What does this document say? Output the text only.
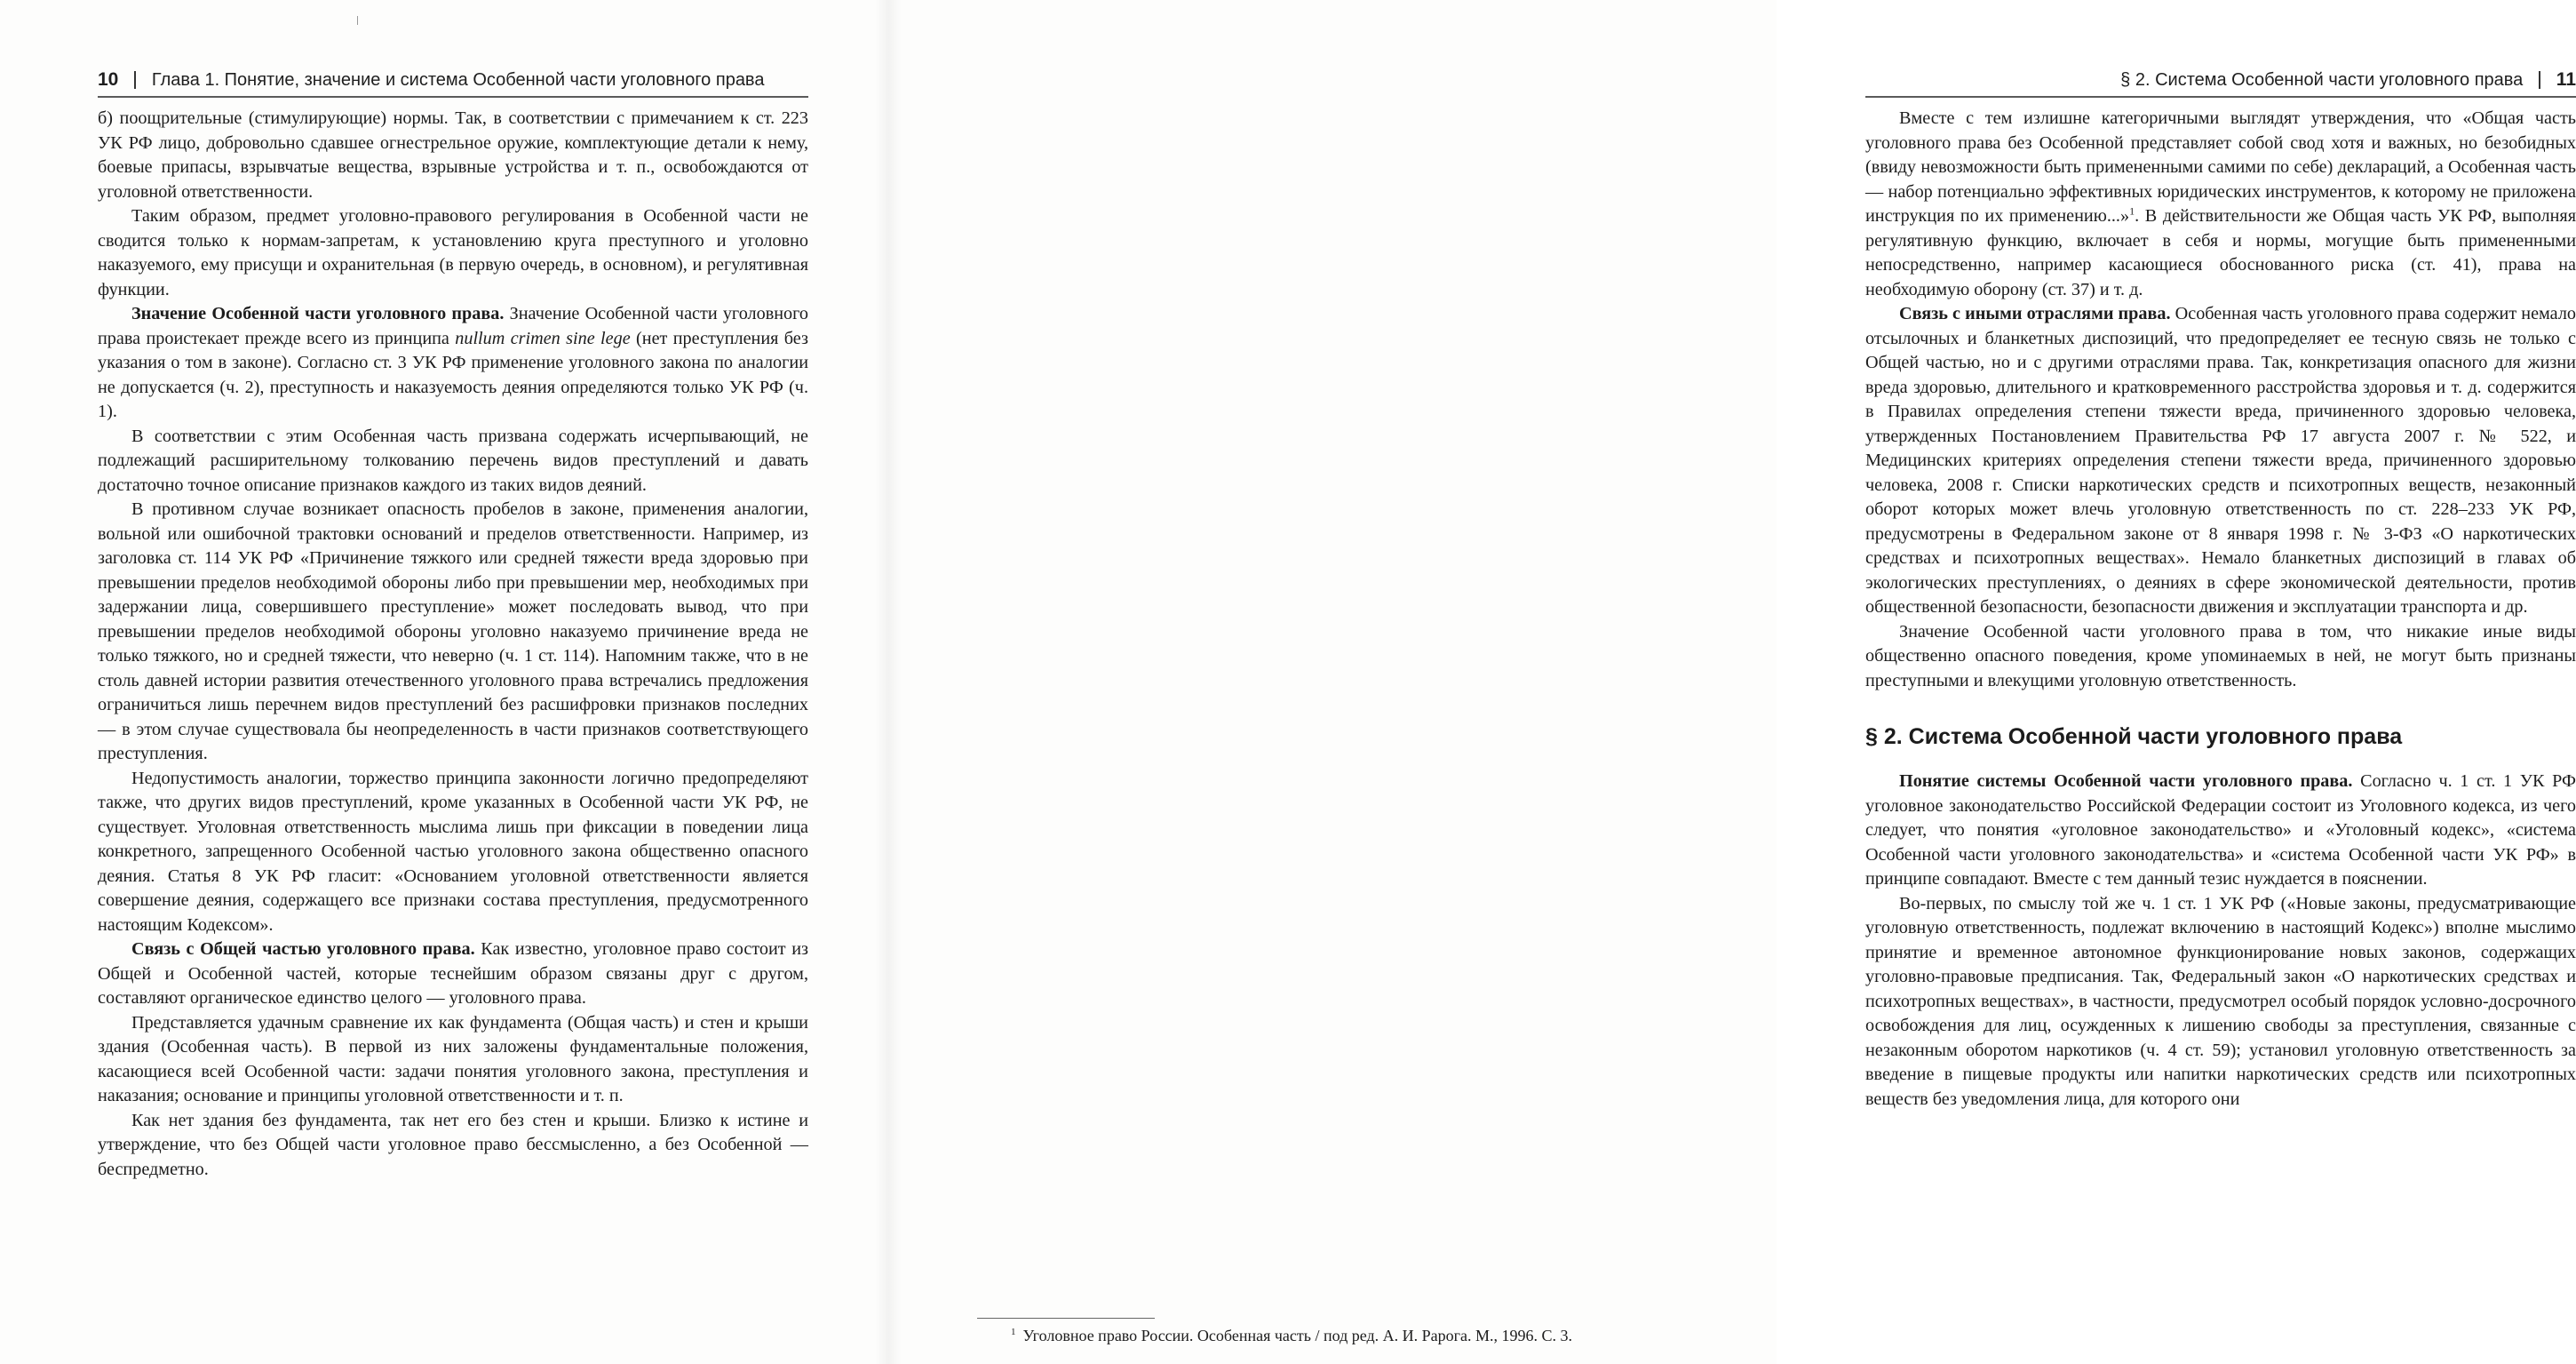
10 Глава 1. Понятие, значение и система Особенной части уголовного права

б) поощрительные (стимулирующие) нормы. Так, в соответствии с примечанием к ст. 223 УК РФ лицо, добровольно сдавшее огнестрельное оружие, комплектующие детали к нему, боевые припасы, взрывчатые вещества, взрывные устройства и т. п., освобождаются от уголовной ответственности.

Таким образом, предмет уголовно-правового регулирования в Особенной части не сводится только к нормам-запретам, к установлению круга преступного и уголовно наказуемого, ему присущи и охранительная (в первую очередь, в основном), и регулятивная функции.

Значение Особенной части уголовного права. Значение Особенной части уголовного права проистекает прежде всего из принципа nullum crimen sine lege (нет преступления без указания о том в законе). Согласно ст. 3 УК РФ применение уголовного закона по аналогии не допускается (ч. 2), преступность и наказуемость деяния определяются только УК РФ (ч. 1).

В соответствии с этим Особенная часть призвана содержать исчерпывающий, не подлежащий расширительному толкованию перечень видов преступлений и давать достаточно точное описание признаков каждого из таких видов деяний.

В противном случае возникает опасность пробелов в законе, применения аналогии, вольной или ошибочной трактовки оснований и пределов ответственности. Например, из заголовка ст. 114 УК РФ «Причинение тяжкого или средней тяжести вреда здоровью при превышении пределов необходимой обороны либо при превышении мер, необходимых при задержании лица, совершившего преступление» может последовать вывод, что при превышении пределов необходимой обороны уголовно наказуемо причинение вреда не только тяжкого, но и средней тяжести, что неверно (ч. 1 ст. 114). Напомним также, что в не столь давней истории развития отечественного уголовного права встречались предложения ограничиться лишь перечнем видов преступлений без расшифровки признаков последних — в этом случае существовала бы неопределенность в части признаков соответствующего преступления.

Недопустимость аналогии, торжество принципа законности логично предопределяют также, что других видов преступлений, кроме указанных в Особенной части УК РФ, не существует. Уголовная ответственность мыслима лишь при фиксации в поведении лица конкретного, запрещенного Особенной частью уголовного закона общественно опасного деяния. Статья 8 УК РФ гласит: «Основанием уголовной ответственности является совершение деяния, содержащего все признаки состава преступления, предусмотренного настоящим Кодексом».

Связь с Общей частью уголовного права. Как известно, уголовное право состоит из Общей и Особенной частей, которые теснейшим образом связаны друг с другом, составляют органическое единство целого — уголовного права.

Представляется удачным сравнение их как фундамента (Общая часть) и стен и крыши здания (Особенная часть). В первой из них заложены фундаментальные положения, касающиеся всей Особенной части: задачи понятия уголовного закона, преступления и наказания; основание и принципы уголовной ответственности и т. п.

Как нет здания без фундамента, так нет его без стен и крыши. Близко к истине и утверждение, что без Общей части уголовное право бессмысленно, а без Особенной — беспредметно.

§ 2. Система Особенной части уголовного права 11

Вместе с тем излишне категоричными выглядят утверждения, что «Общая часть уголовного права без Особенной представляет собой свод хотя и важных, но безобидных (ввиду невозможности быть примененными самими по себе) деклараций, а Особенная часть — набор потенциально эффективных юридических инструментов, к которому не приложена инструкция по их применению...»$^1$. В действительности же Общая часть УК РФ, выполняя регулятивную функцию, включает в себя и нормы, могущие быть примененными непосредственно, например касающиеся обоснованного риска (ст. 41), права на необходимую оборону (ст. 37) и т. д.

Связь с иными отраслями права. Особенная часть уголовного права содержит немало отсылочных и бланкетных диспозиций, что предопределяет ее тесную связь не только с Общей частью, но и с другими отраслями права. Так, конкретизация опасного для жизни вреда здоровью, длительного и кратковременного расстройства здоровья и т. д. содержится в Правилах определения степени тяжести вреда, причиненного здоровью человека, утвержденных Постановлением Правительства РФ 17 августа 2007 г. № 522, и Медицинских критериях определения степени тяжести вреда, причиненного здоровью человека, 2008 г. Списки наркотических средств и психотропных веществ, незаконный оборот которых может влечь уголовную ответственность по ст. 228–233 УК РФ, предусмотрены в Федеральном законе от 8 января 1998 г. № 3-ФЗ «О наркотических средствах и психотропных веществах». Немало бланкетных диспозиций в главах об экологических преступлениях, о деяниях в сфере экономической деятельности, против общественной безопасности, безопасности движения и эксплуатации транспорта и др.

Значение Особенной части уголовного права в том, что никакие иные виды общественно опасного поведения, кроме упоминаемых в ней, не могут быть признаны преступными и влекущими уголовную ответственность.

§ 2. Система Особенной части уголовного права

Понятие системы Особенной части уголовного права. Согласно ч. 1 ст. 1 УК РФ уголовное законодательство Российской Федерации состоит из Уголовного кодекса, из чего следует, что понятия «уголовное законодательство» и «Уголовный кодекс», «система Особенной части уголовного законодательства» и «система Особенной части УК РФ» в принципе совпадают. Вместе с тем данный тезис нуждается в пояснении.

Во-первых, по смыслу той же ч. 1 ст. 1 УК РФ («Новые законы, предусматривающие уголовную ответственность, подлежат включению в настоящий Кодекс») вполне мыслимо принятие и временное автономное функционирование новых законов, содержащих уголовно-правовые предписания. Так, Федеральный закон «О наркотических средствах и психотропных веществах», в частности, предусмотрел особый порядок условно-досрочного освобождения для лиц, осужденных к лишению свободы за преступления, связанные с незаконным оборотом наркотиков (ч. 4 ст. 59); установил уголовную ответственность за введение в пищевые продукты или напитки наркотических средств или психотропных веществ без уведомления лица, для которого они

$^1$ Уголовное право России. Особенная часть / под ред. А. И. Рарога. М., 1996. С. 3.
